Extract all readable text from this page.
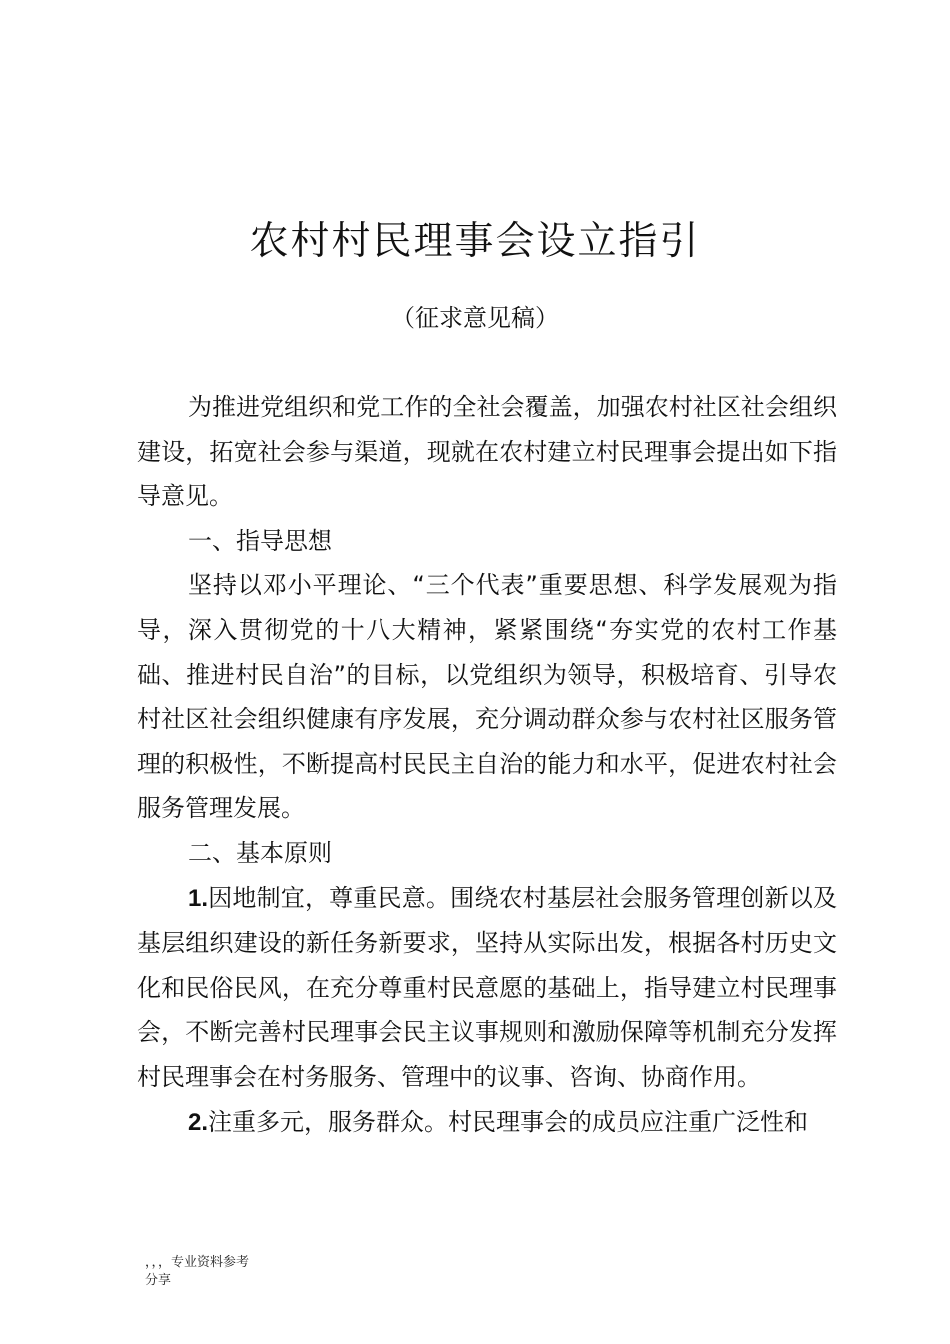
农村村民理事会设立指引
（征求意见稿）

为推进党组织和党工作的全社会覆盖，加强农村社区社会组织建设，拓宽社会参与渠道，现就在农村建立村民理事会提出如下指导意见。

一、指导思想

坚持以邓小平理论、“三个代表”重要思想、科学发展观为指导，深入贯彻党的十八大精神，紧紧围绕“夯实党的农村工作基础、推进村民自治”的目标，以党组织为领导，积极培育、引导农村社区社会组织健康有序发展，充分调动群众参与农村社区服务管理的积极性，不断提高村民民主自治的能力和水平，促进农村社会服务管理发展。

二、基本原则

1.因地制宜，尊重民意。围绕农村基层社会服务管理创新以及基层组织建设的新任务新要求，坚持从实际出发，根据各村历史文化和民俗民风，在充分尊重村民意愿的基础上，指导建立村民理事会，不断完善村民理事会民主议事规则和激励保障等机制充分发挥村民理事会在村务服务、管理中的议事、咨询、协商作用。

2.注重多元，服务群众。村民理事会的成员应注重广泛性和

，，，专业资料参考
分享
